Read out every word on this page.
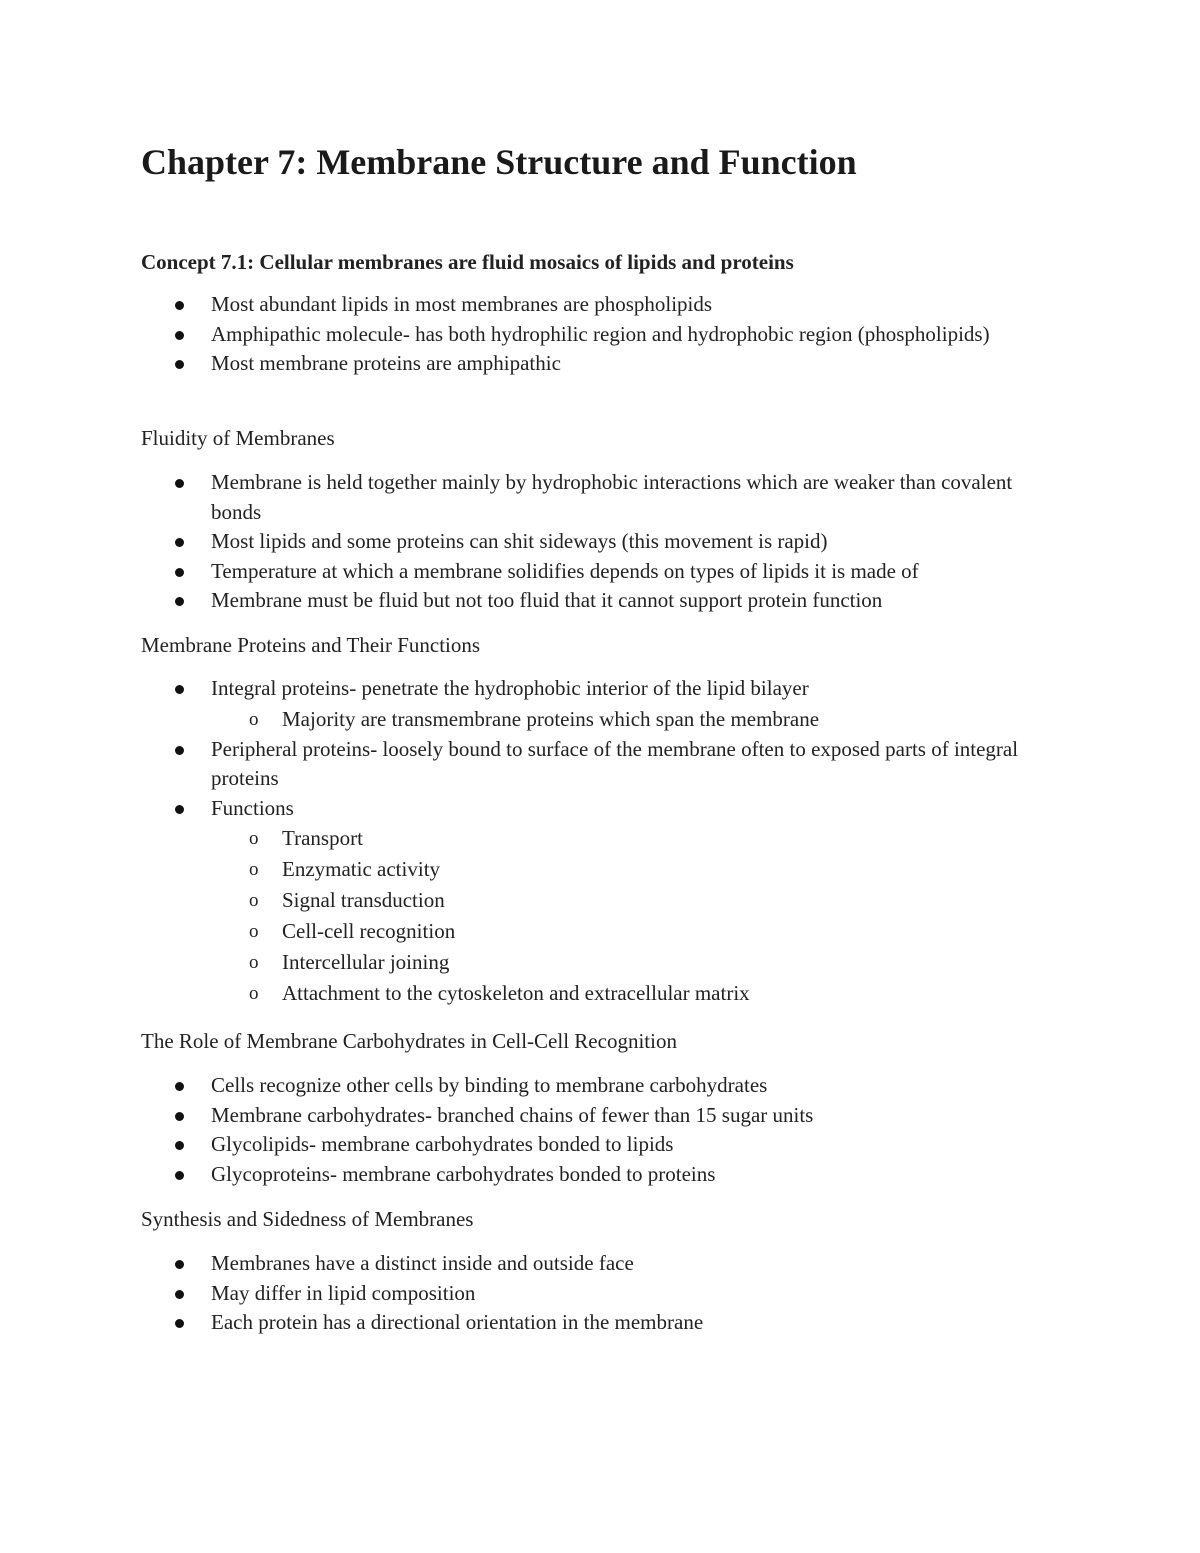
Chapter 7: Membrane Structure and Function
Concept 7.1: Cellular membranes are fluid mosaics of lipids and proteins
Most abundant lipids in most membranes are phospholipids
Amphipathic molecule- has both hydrophilic region and hydrophobic region (phospholipids)
Most membrane proteins are amphipathic
Fluidity of Membranes
Membrane is held together mainly by hydrophobic interactions which are weaker than covalent bonds
Most lipids and some proteins can shit sideways (this movement is rapid)
Temperature at which a membrane solidifies depends on types of lipids it is made of
Membrane must be fluid but not too fluid that it cannot support protein function
Membrane Proteins and Their Functions
Integral proteins- penetrate the hydrophobic interior of the lipid bilayer
o Majority are transmembrane proteins which span the membrane
Peripheral proteins- loosely bound to surface of the membrane often to exposed parts of integral proteins
Functions
o Transport
o Enzymatic activity
o Signal transduction
o Cell-cell recognition
o Intercellular joining
o Attachment to the cytoskeleton and extracellular matrix
The Role of Membrane Carbohydrates in Cell-Cell Recognition
Cells recognize other cells by binding to membrane carbohydrates
Membrane carbohydrates- branched chains of fewer than 15 sugar units
Glycolipids- membrane carbohydrates bonded to lipids
Glycoproteins- membrane carbohydrates bonded to proteins
Synthesis and Sidedness of Membranes
Membranes have a distinct inside and outside face
May differ in lipid composition
Each protein has a directional orientation in the membrane
